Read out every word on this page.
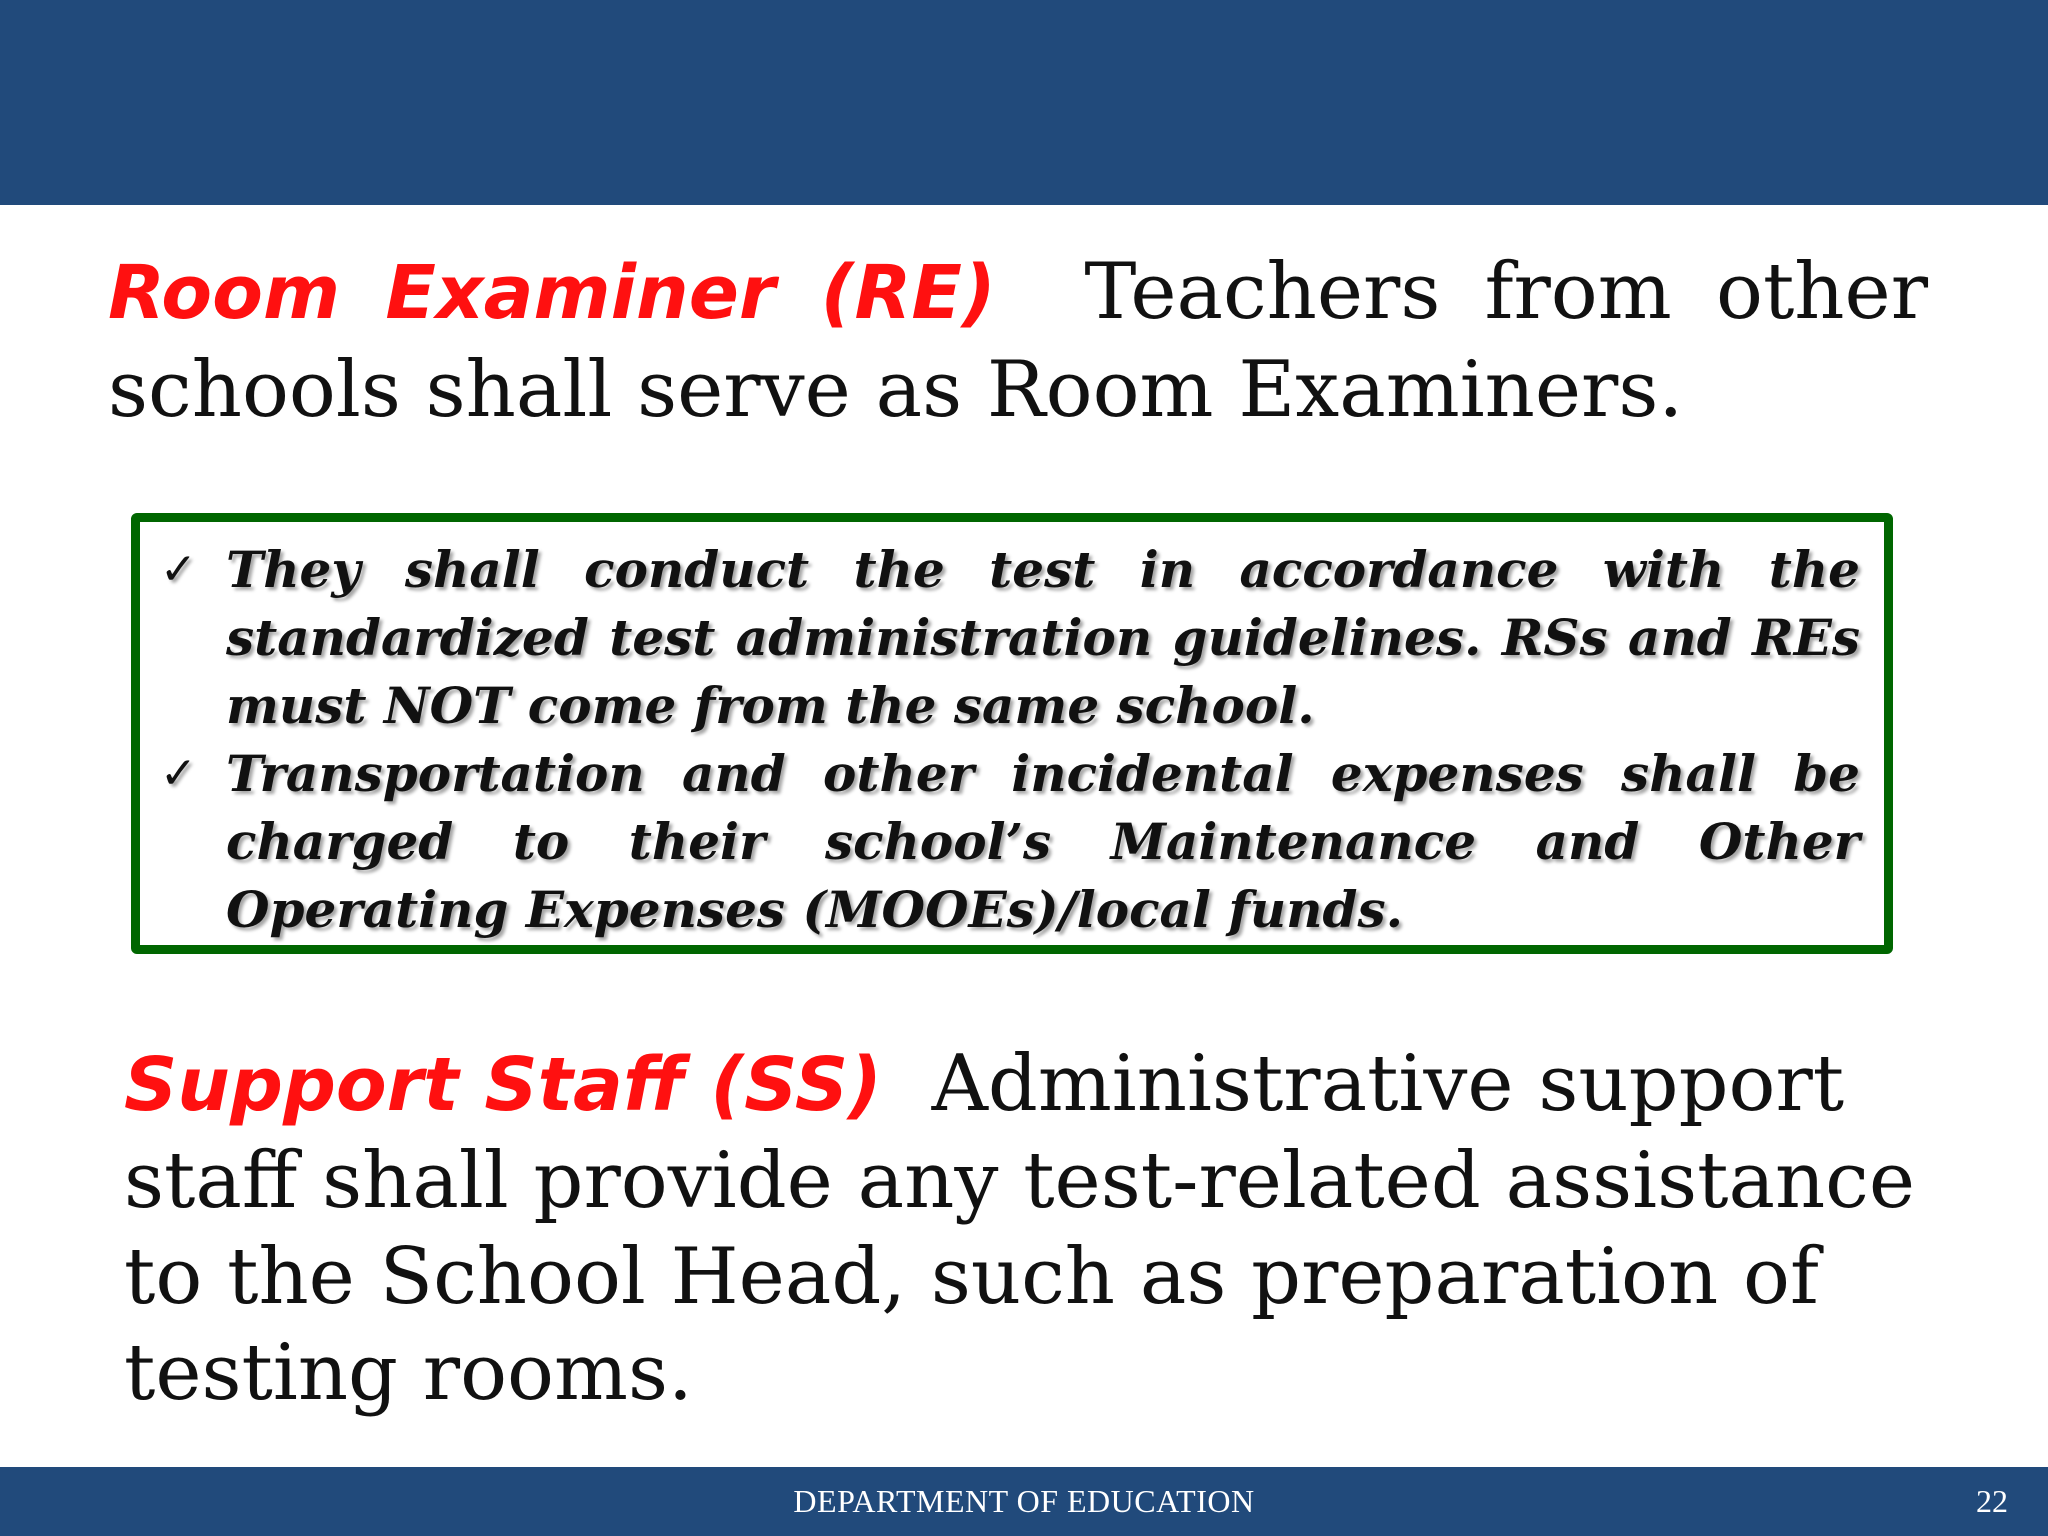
Room Examiner (RE) Teachers from other schools shall serve as Room Examiners.

✓ They shall conduct the test in accordance with the standardized test administration guidelines. RSs and REs must NOT come from the same school.
✓ Transportation and other incidental expenses shall be charged to their school’s Maintenance and Other Operating Expenses (MOOEs)/local funds.

Support Staff (SS) Administrative support staff shall provide any test-related assistance to the School Head, such as preparation of testing rooms.

DEPARTMENT OF EDUCATION	22
